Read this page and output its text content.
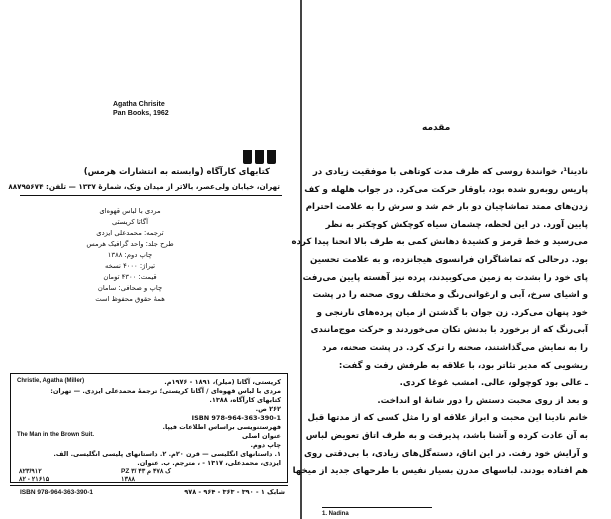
Agatha Chrisite
Pan Books, 1962
کتابهای کارآگاه (وابسته به انتشارات هرمس)
تهران، خیابان ولی‌عصر، بالاتر از میدان ونک، شمارهٔ ۱۳۳۷ — تلفن: ۸۸۷۹۵۶۷۴
مردی با لباس قهوه‌ای
آگاتا کریستی
ترجمه: محمدعلی ایزدی
طرح جلد: واحد گرافیک هرمس
چاپ دوم: ۱۳۸۸
تیراژ: ۴۰۰۰ نسخه
قیمت: ۴۳۰۰ تومان
چاپ و صحافی: سامان
همهٔ حقوق محفوظ است
Christie, Agatha (Miller)	کریستی، آگاتا (میلر)، ۱۸۹۱ - ۱۹۷۶م.
مردی با لباس قهوه‌ای / آگاتا کریستی؛ ترجمهٔ محمدعلی ایزدی. — تهران:
کتابهای کارآگاه، ۱۳۸۸.
۲۶۲ ص.
ISBN 978-964-363-390-1
فهرستنویسی براساس اطلاعات فیپا.
The Man in the Brown Suit.	عنوان اصلی
چاپ دوم.
۱. داستانهای انگلیسی — قرن ۲۰م. ۲. داستانهای پلیسی انگلیسی. الف.
ایزدی، محمدعلی، ۱۳۱۷ - ، مترجم. ب. عنوان.
PZ ۳/ ک ۴۷۸ م ۴۳
۸۲۳/۹۱۲
۱۳۸۸
۸۲ - ۲۱۶۱۵
ISBN 978-964-363-390-1	شابک ۱ - ۳۹۰ - ۳۶۳ - ۹۶۴ - ۹۷۸
مقدمه
نادینا¹، خوانندهٔ روسی که ظرف مدت کوتاهی با موفقیت زیادی در
پاریس روبه‌رو شده بود، باوقار حرکت می‌کرد. در جواب هلهله و کف
زدن‌های ممتد تماشاچیان دو بار خم شد و سرش را به علامت احترام
پایین آورد. در این لحظه، چشمان سیاه کوچکش کوچکتر به نظر
می‌رسید و خط قرمز و کشیدهٔ دهانش کمی به طرف بالا انحنا پیدا کرده
بود. درحالی که تماشاگران فرانسوی هیجانزده، و به علامت تحسین
پای خود را بشدت به زمین می‌کوبیدند، پرده نیز آهسته پایین می‌رفت
و اشیای سرخ، آبی و ارغوانی‌رنگ و مختلف روی صحنه را در پشت
خود پنهان می‌کرد. زن جوان با گذشتن از میان پرده‌های نارنجی و
آبی‌رنگ که از برخورد با بدنش تکان می‌خوردند و حرکت موج‌مانندی
را به نمایش می‌گذاشتند، صحنه را ترک کرد. در پشت صحنه، مرد
ریشویی که مدیر تئاتر بود، با علاقه به طرفش رفت و گفت:
ـ عالی بود کوچولو، عالی. امشب غوغا کردی.
و بعد از روی محبت دستش را دور شانهٔ او انداخت.
خانم نادینا این محبت و ابراز علاقه او را مثل کسی که از مدتها قبل
به آن عادت کرده و آشنا باشد، پذیرفت و به طرف اتاق تعویض لباس
و آرایش خود رفت. در این اتاق، دسته‌گل‌های زیادی، با بی‌دقتی روی
هم افتاده بودند. لباسهای مدرن بسیار نفیس با طرحهای جدید از میخها
1. Nadina
